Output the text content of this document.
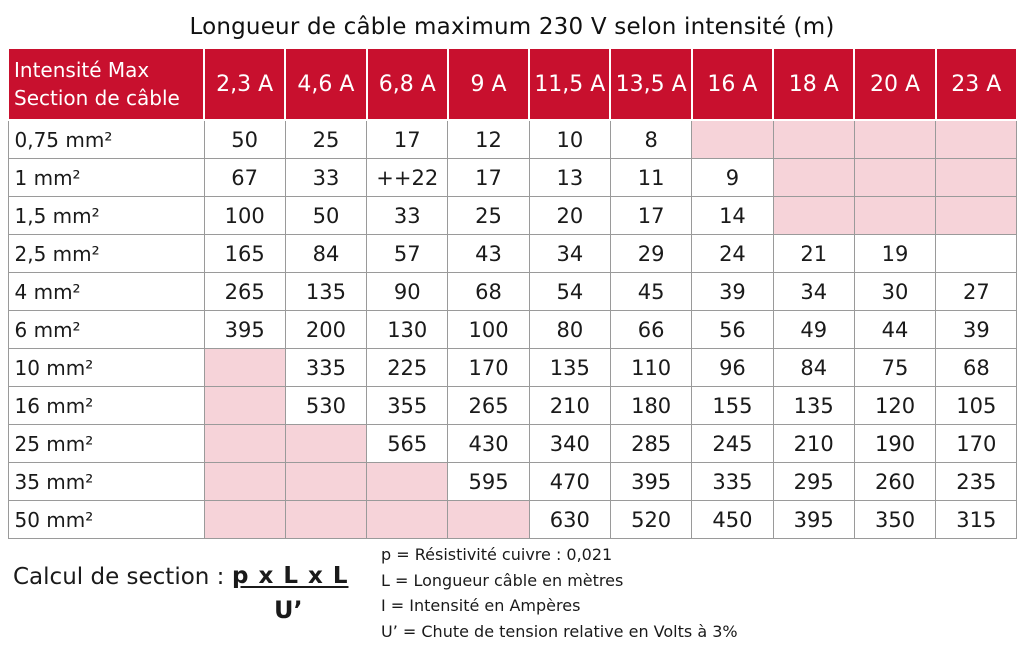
Longueur de câble maximum 230 V selon intensité (m)
Intensité Max
Section de câble	2,3 A	4,6 A	6,8 A	9 A	11,5 A	13,5 A	16 A	18 A	20 A	23 A
0,75 mm²	50	25	17	12	10	8				
1 mm²	67	33	++22	17	13	11	9			
1,5 mm²	100	50	33	25	20	17	14			
2,5 mm²	165	84	57	43	34	29	24	21	19	
4 mm²	265	135	90	68	54	45	39	34	30	27
6 mm²	395	200	130	100	80	66	56	49	44	39
10 mm²		335	225	170	135	110	96	84	75	68
16 mm²		530	355	265	210	180	155	135	120	105
25 mm²			565	430	340	285	245	210	190	170
35 mm²				595	470	395	335	295	260	235
50 mm²					630	520	450	395	350	315
Calcul de section : p x L x L
U’
p = Résistivité cuivre : 0,021
L = Longueur câble en mètres
I = Intensité en Ampères
U’ = Chute de tension relative en Volts à 3%
